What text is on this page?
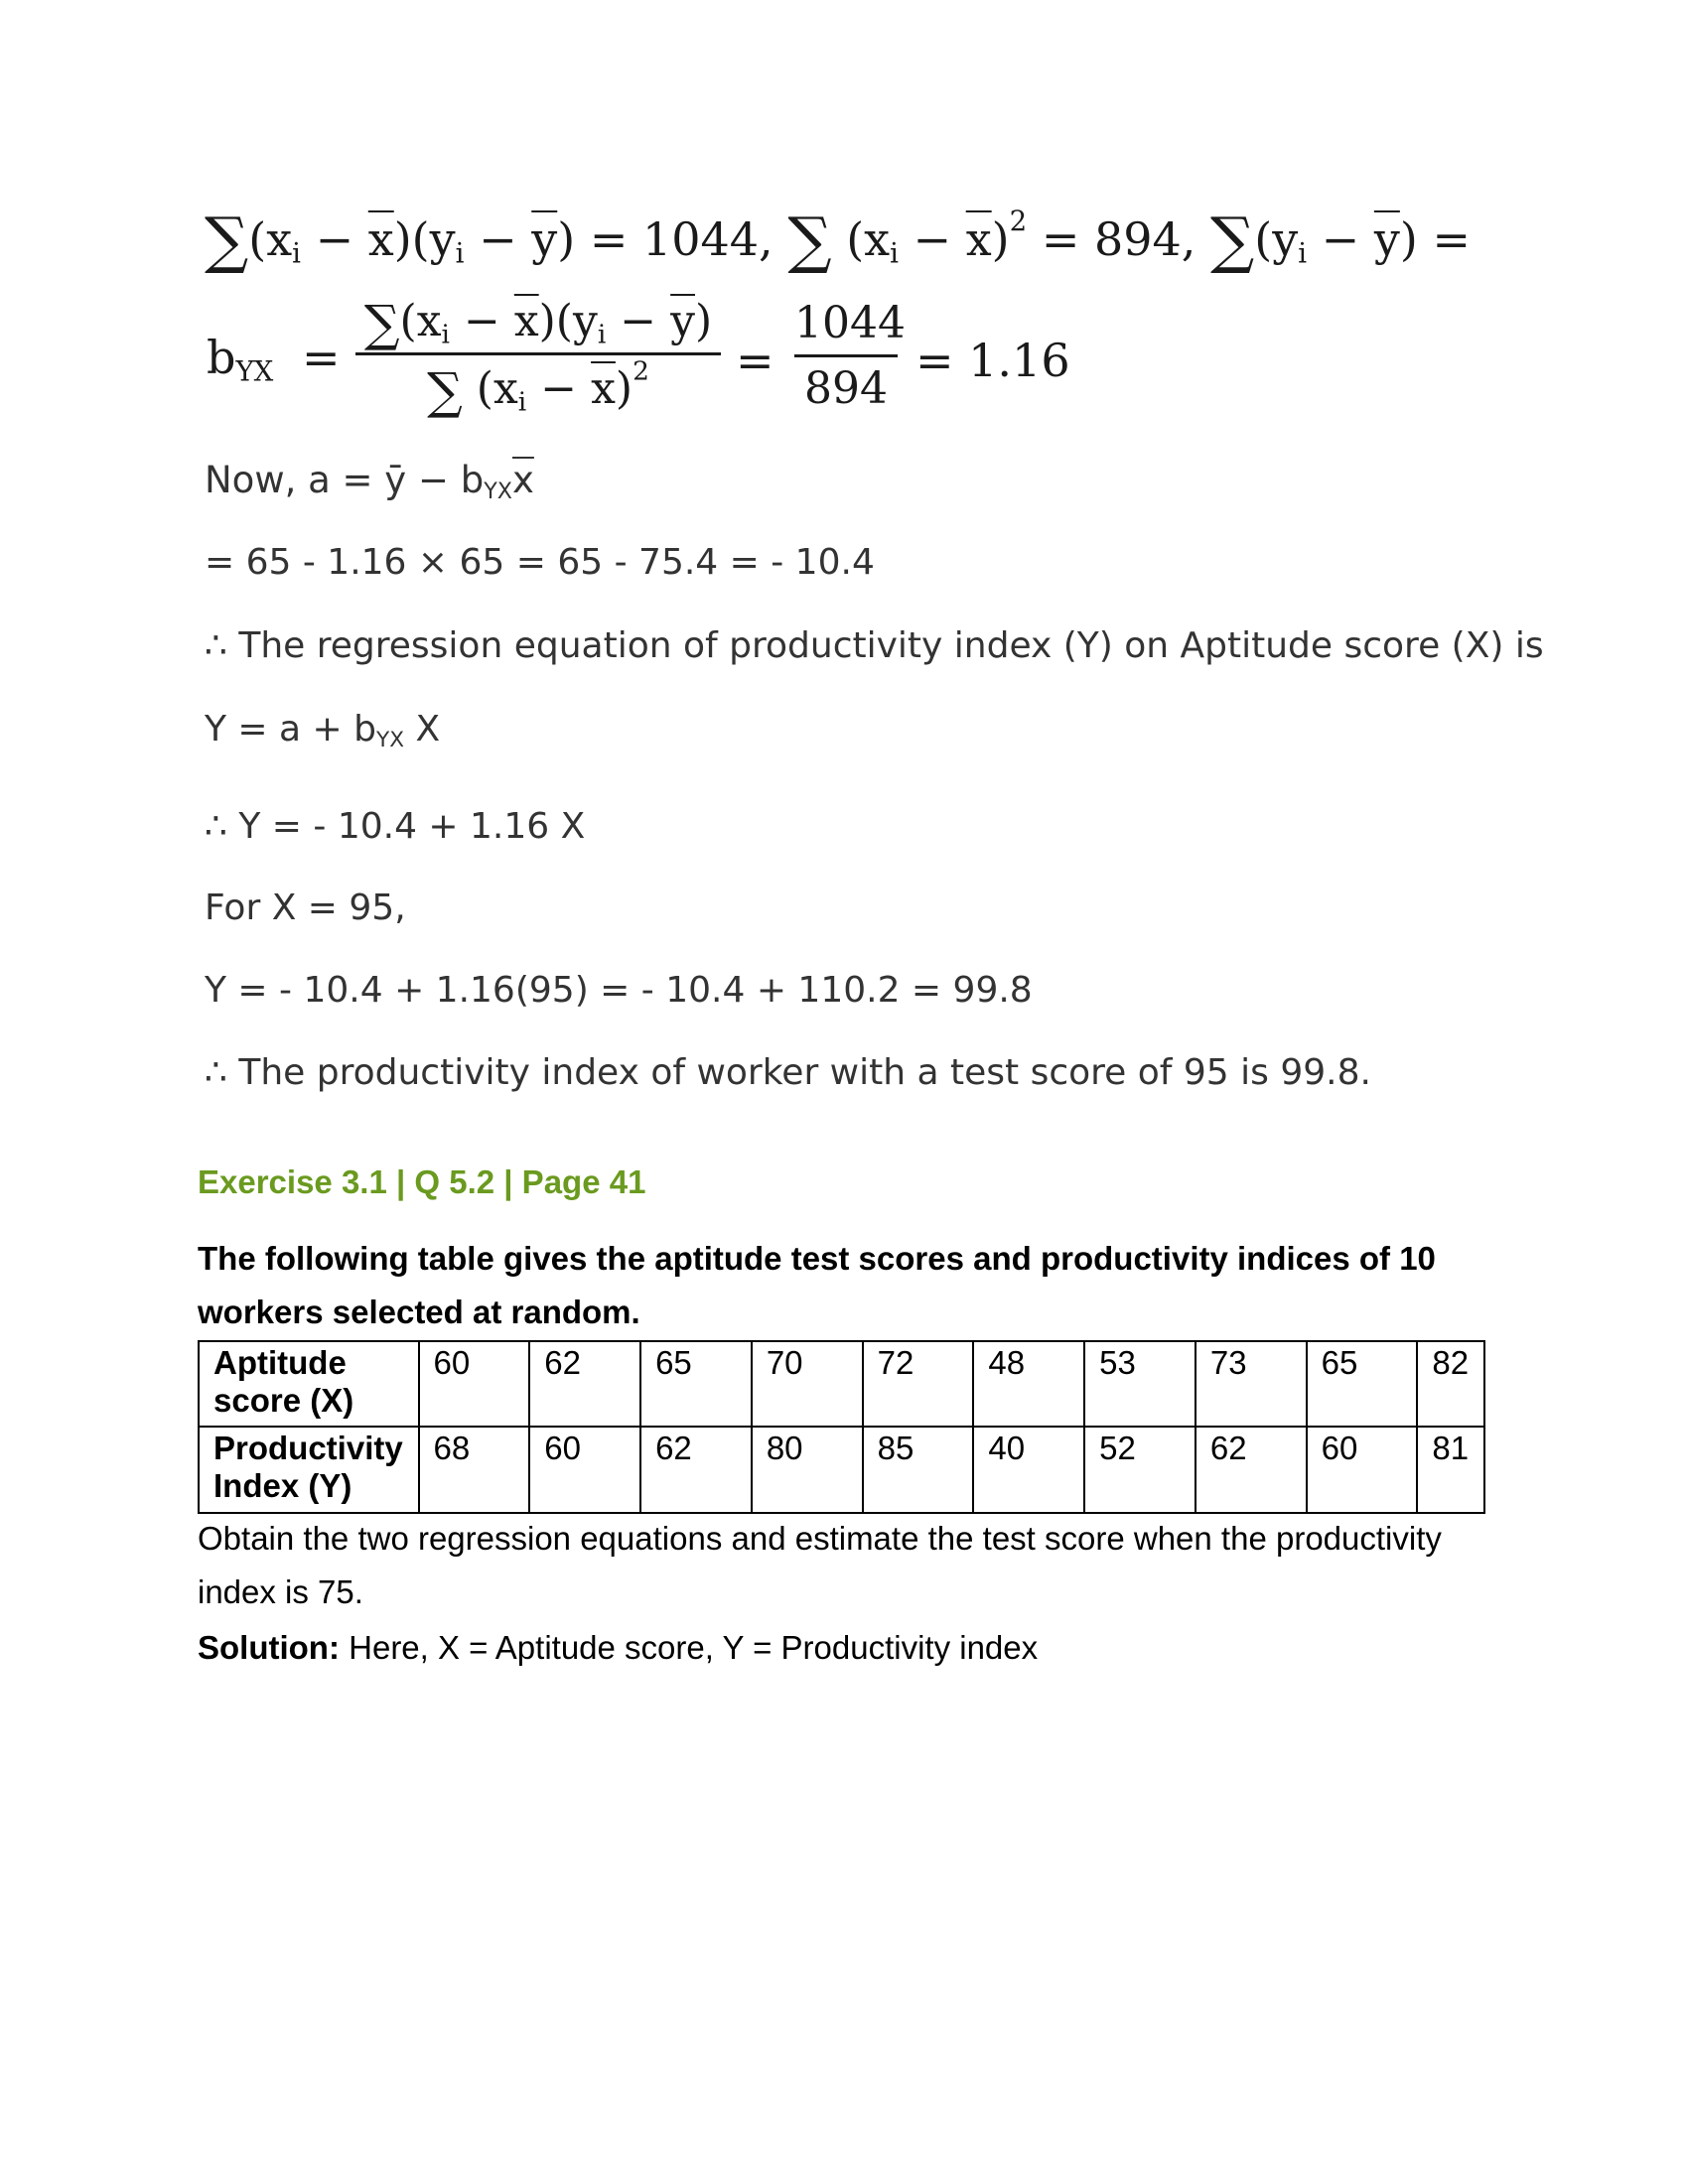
$\sum(x_i - \overline{x})(y_i - \overline{y}) = 1044$, ∑ $(x_i - \overline{x})^2 = 894$, $\sum(y_i - \overline{y})$ =
$b_{YX}$ =
$\sum(x_i - \overline{x})(y_i - \overline{y})$
∑ $(x_i - \overline{x})^2$	=
1044
894
= 1.16
Now, a = ȳ − $b_{YX}\overline{x}$
= 65 - 1.16 × 65 = 65 - 75.4 = - 10.4
∴ The regression equation of productivity index (Y) on Aptitude score (X) is
$Y = a + b_{YX}$ X
∴ Y = - 10.4 + 1.16 X
For X = 95,
Y = - 10.4 + 1.16(95) = - 10.4 + 110.2 = 99.8
∴ The productivity index of worker with a test score of 95 is 99.8.
Exercise 3.1 | Q 5.2 | Page 41
The following table gives the aptitude test scores and productivity indices of 10
workers selected at random.
Aptitude
score (X)	60	62	65	70	72	48	53	73	65	82

Productivity
Index (Y)	68	60	62	80	85	40	52	62	60	81
Obtain the two regression equations and estimate the test score when the productivity
index is 75.
Solution: Here, X = Aptitude score, Y = Productivity index
